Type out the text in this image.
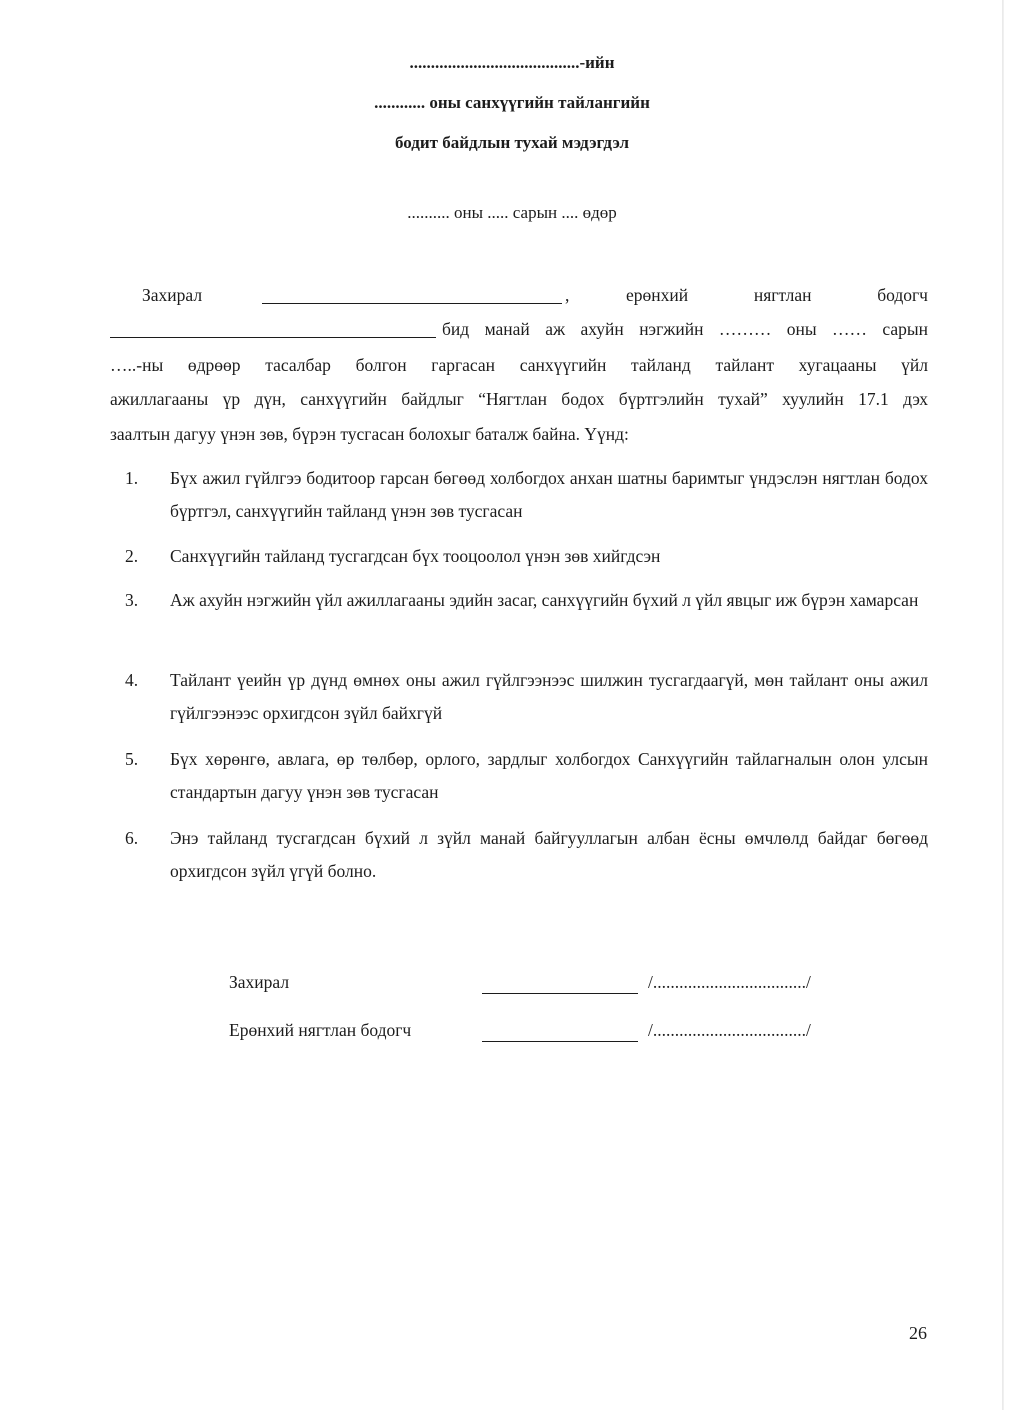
........................................-ийн
............ оны санхүүгийн тайлангийн
бодит байдлын тухай мэдэгдэл
.......... оны ..... сарын .... өдөр
Захирал	,	ерөнхий	нягтлан	бодогч
бид манай аж ахуйн нэгжийн ……… оны …… сарын
…..-ны өдрөөр тасалбар болгон гаргасан санхүүгийн тайланд тайлант хугацааны үйл
ажиллагааны үр дүн, санхүүгийн байдлыг “Нягтлан бодох бүртгэлийн тухай” хуулийн 17.1 дэх
заалтын дагуу үнэн зөв, бүрэн тусгасан болохыг баталж байна. Үүнд:
1. Бүх ажил гүйлгээ бодитоор гарсан бөгөөд холбогдох анхан шатны баримтыг үндэслэн нягтлан бодох бүртгэл, санхүүгийн тайланд үнэн зөв тусгасан
2. Санхүүгийн тайланд тусгагдсан бүх тооцоолол үнэн зөв хийгдсэн
3. Аж ахуйн нэгжийн үйл ажиллагааны эдийн засаг, санхүүгийн бүхий л үйл явцыг иж бүрэн хамарсан
4. Тайлант үеийн үр дүнд өмнөх оны ажил гүйлгээнээс шилжин тусгагдаагүй, мөн тайлант оны ажил гүйлгээнээс орхигдсон зүйл байхгүй
5. Бүх хөрөнгө, авлага, өр төлбөр, орлого, зардлыг холбогдох Санхүүгийн тайлагналын олон улсын стандартын дагуу үнэн зөв тусгасан
6. Энэ тайланд тусгагдсан бүхий л зүйл манай байгууллагын албан ёсны өмчлөлд байдаг бөгөөд орхигдсон зүйл үгүй болно.
Захирал	/.................................../
Ерөнхий нягтлан бодогч	/.................................../
26
